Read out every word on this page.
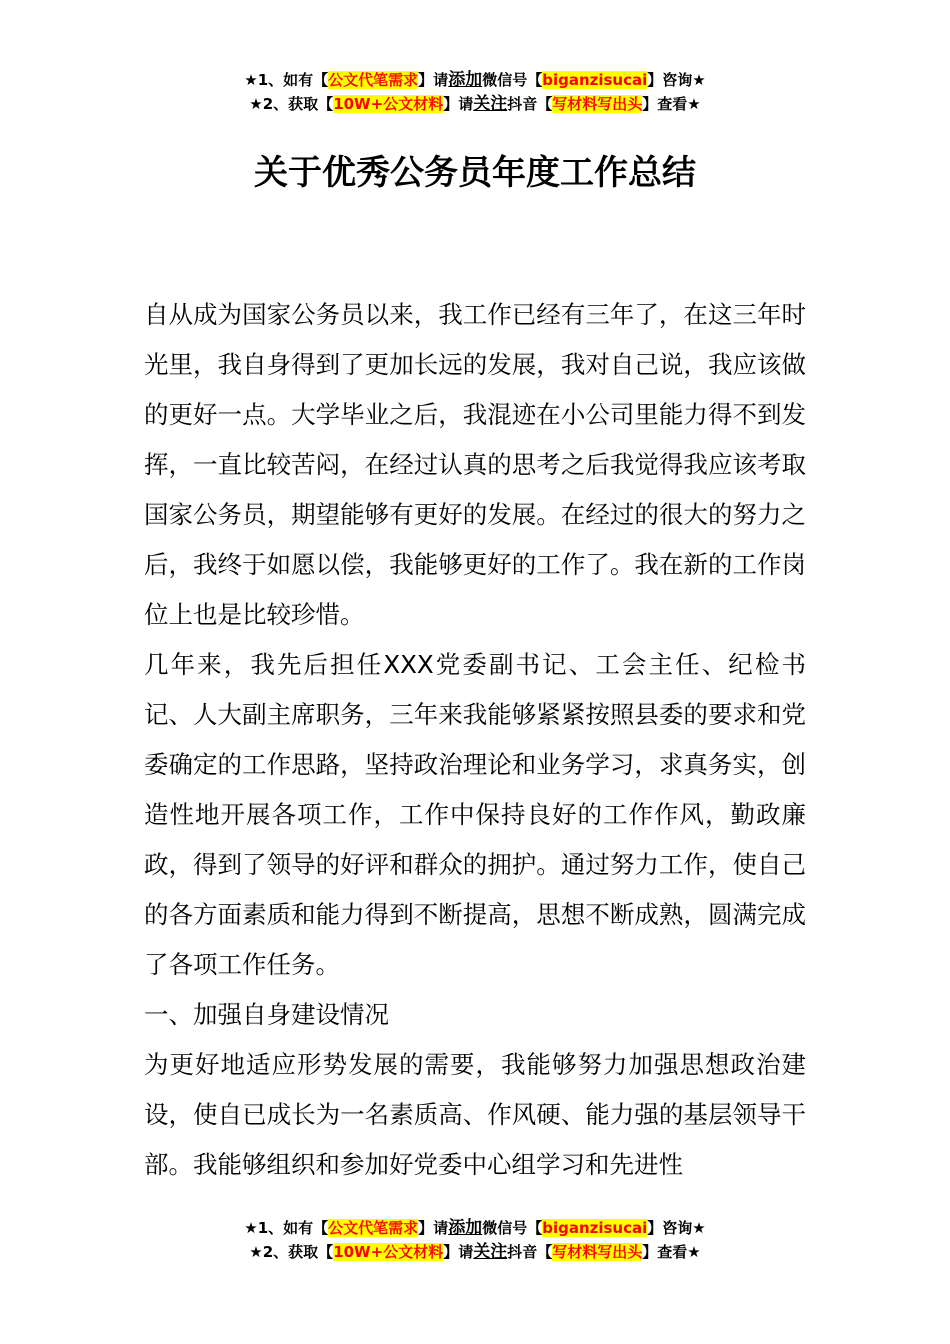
★1、如有【公文代笔需求】请添加微信号【biganzisucai】咨询★
★2、获取【10W+公文材料】请关注抖音【写材料写出头】查看★
关于优秀公务员年度工作总结

自从成为国家公务员以来，我工作已经有三年了，在这三年时光里，我自身得到了更加长远的发展，我对自己说，我应该做的更好一点。大学毕业之后，我混迹在小公司里能力得不到发挥，一直比较苦闷，在经过认真的思考之后我觉得我应该考取国家公务员，期望能够有更好的发展。在经过的很大的努力之后，我终于如愿以偿，我能够更好的工作了。我在新的工作岗位上也是比较珍惜。

几年来，我先后担任XXX党委副书记、工会主任、纪检书记、人大副主席职务，三年来我能够紧紧按照县委的要求和党委确定的工作思路，坚持政治理论和业务学习，求真务实，创造性地开展各项工作，工作中保持良好的工作作风，勤政廉政，得到了领导的好评和群众的拥护。通过努力工作，使自己的各方面素质和能力得到不断提高，思想不断成熟，圆满完成了各项工作任务。

一、加强自身建设情况

为更好地适应形势发展的需要，我能够努力加强思想政治建设，使自已成长为一名素质高、作风硬、能力强的基层领导干部。我能够组织和参加好党委中心组学习和先进性

★1、如有【公文代笔需求】请添加微信号【biganzisucai】咨询★
★2、获取【10W+公文材料】请关注抖音【写材料写出头】查看★
